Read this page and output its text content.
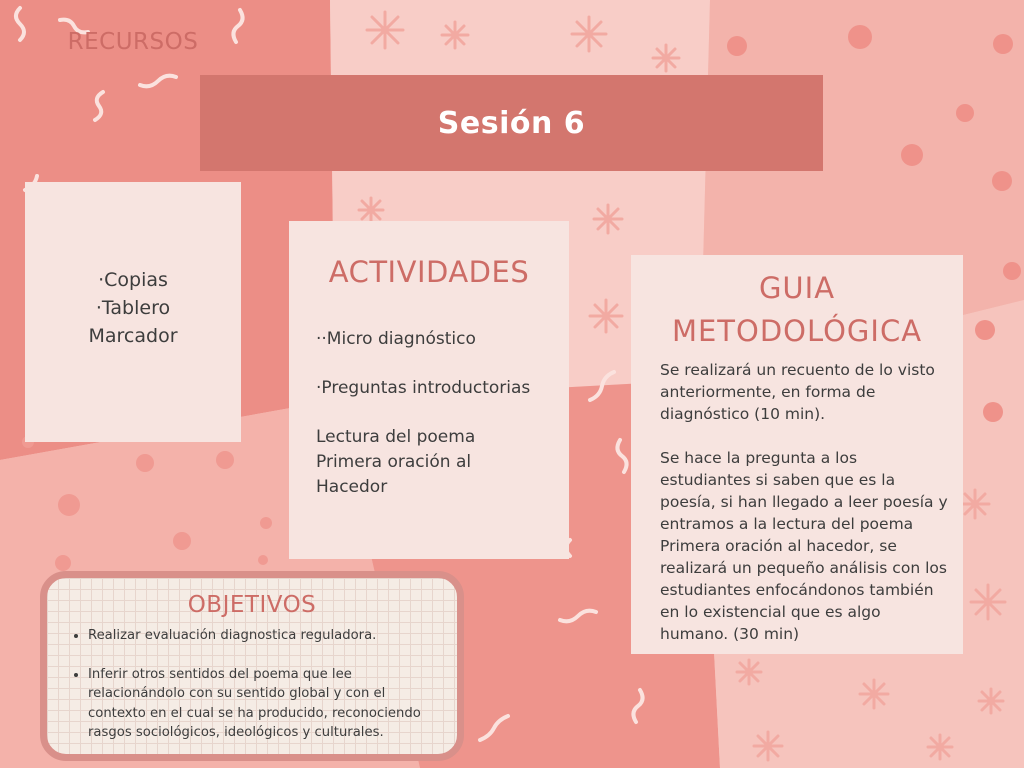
Sesión 6
RECURSOS
·Copias
·Tablero
Marcador
ACTIVIDADES
··Micro diagnóstico
·Preguntas introductorias
Lectura del poema Primera oración al Hacedor
GUIA
METODOLÓGICA

Se realizará un recuento de lo visto anteriormente, en forma de diagnóstico (10 min).

Se hace la pregunta a los estudiantes si saben que es la poesía, si han llegado a leer poesía y entramos a la lectura del poema Primera oración al hacedor, se realizará un pequeño análisis con los estudiantes enfocándonos también en lo existencial que es algo humano. (30 min)

OBJETIVOS
• Realizar evaluación diagnostica reguladora.
• Inferir otros sentidos del poema que lee relacionándolo con su sentido global y con el contexto en el cual se ha producido, reconociendo rasgos sociológicos, ideológicos y culturales.
